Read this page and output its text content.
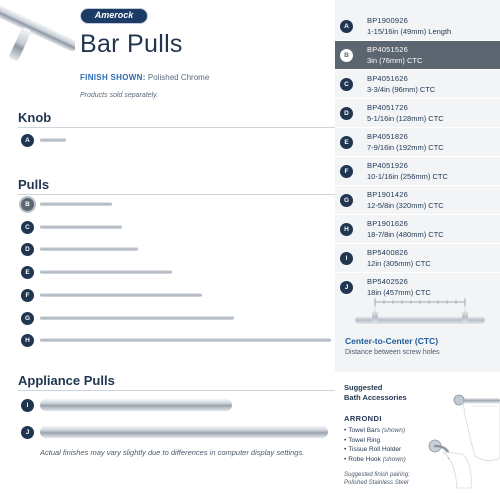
Amerock
Bar Pulls
FINISH SHOWN: Polished Chrome
Products sold separately.
Knob
A
Pulls
B
C
D
E
F
G
H
Appliance Pulls
I
J
Actual finishes may vary slightly due to differences in computer display settings.
A
BP1900926
1-15/16in (49mm) Length
B
BP4051526
3in (76mm) CTC
C
BP4051626
3-3/4in (96mm) CTC
D
BP4051726
5-1/16in (128mm) CTC
E
BP4051826
7-9/16in (192mm) CTC
F
BP4051926
10-1/16in (256mm) CTC
G
BP1901426
12-5/8in (320mm) CTC
H
BP1901626
18-7/8in (480mm) CTC
I
BP5400826
12in (305mm) CTC
J
BP5402526
18in (457mm) CTC
Center-to-Center (CTC)
Distance between screw holes
Suggested
Bath Accessories
ARRONDI
• Towel Bars (shown)
• Towel Ring
• Tissue Roll Holder
• Robe Hook (shown)
Suggested finish pairing:
Polished Stainless Steel
